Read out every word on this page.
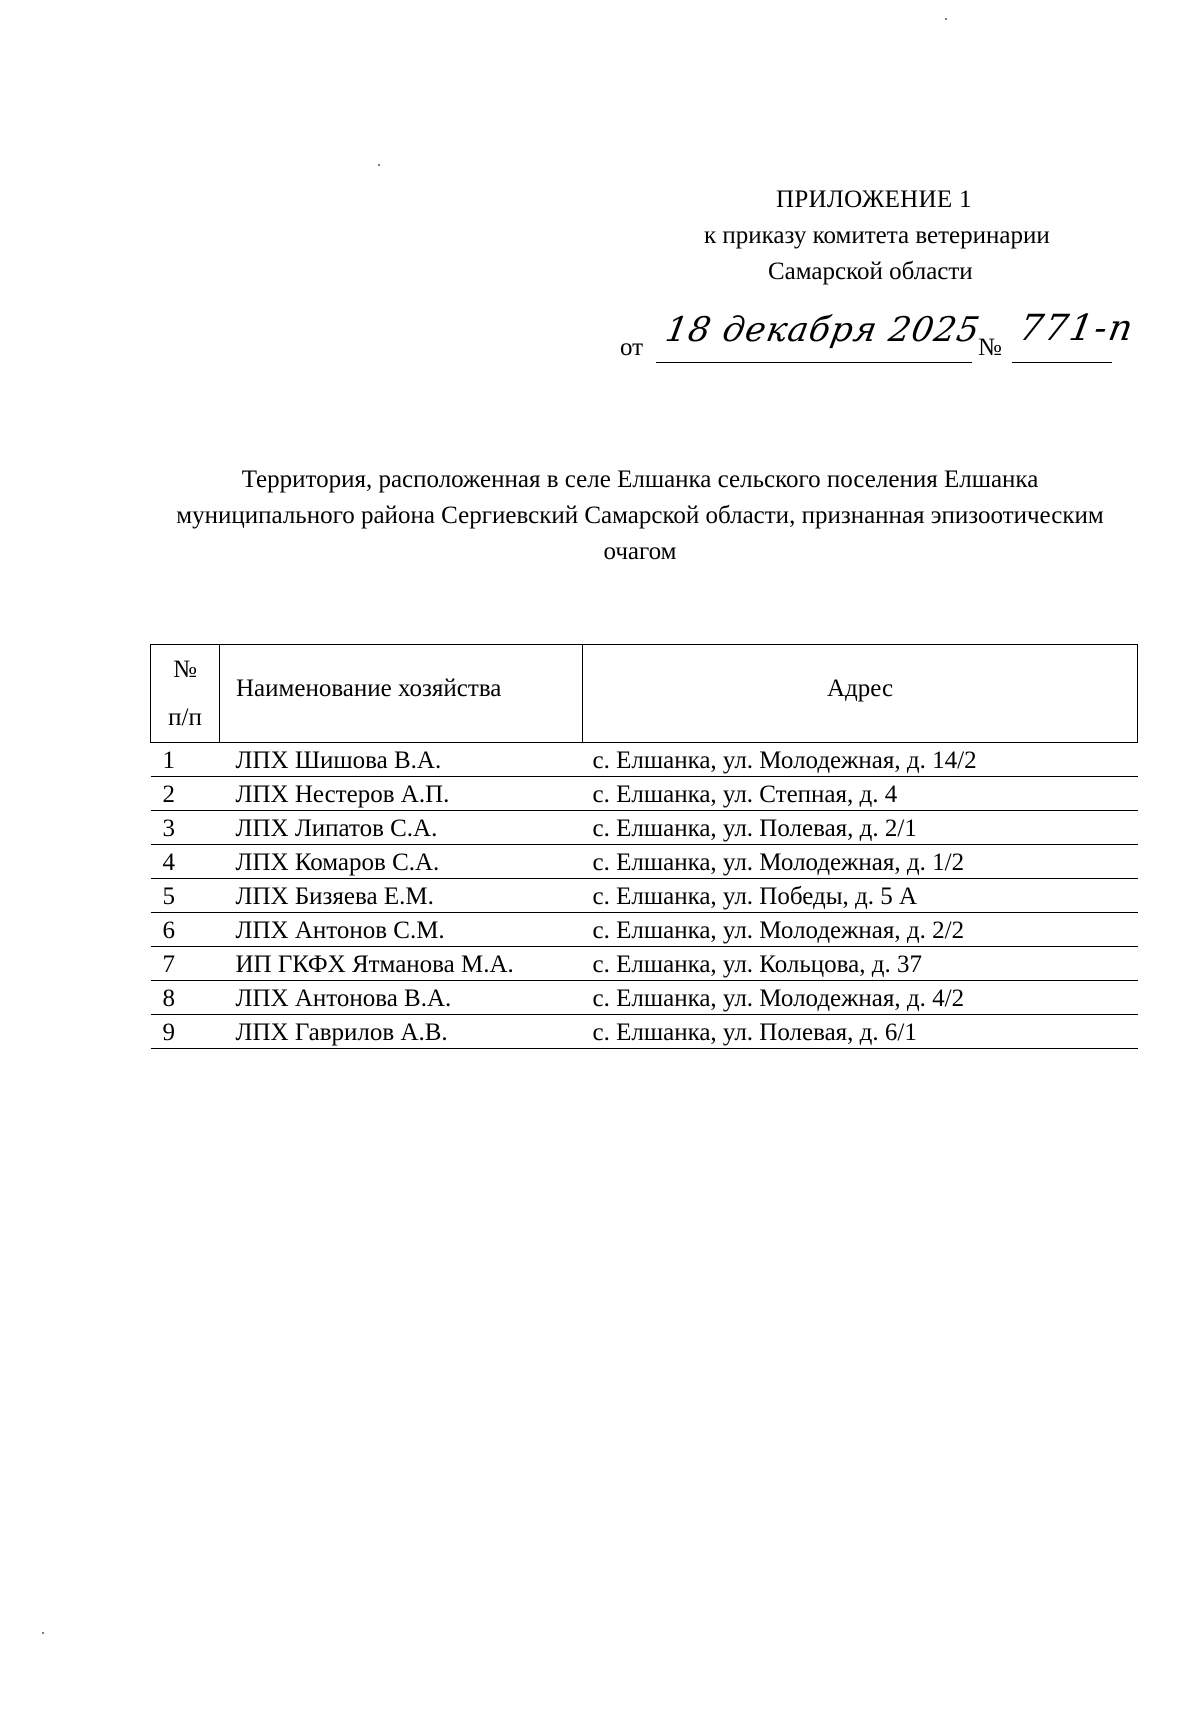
ПРИЛОЖЕНИЕ 1
к приказу комитета ветеринарии
Самарской области
от 18 декабря 2025
№ 771-п
Территория, расположенная в селе Елшанка сельского поселения Елшанка муниципального района Сергиевский Самарской области, признанная эпизоотическим очагом
№
п/п	Наименование хозяйства	Адрес

1	ЛПХ Шишова В.А.	с. Елшанка, ул. Молодежная, д. 14/2
2	ЛПХ Нестеров А.П.	с. Елшанка, ул. Степная, д. 4
3	ЛПХ Липатов С.А.	с. Елшанка, ул. Полевая, д. 2/1
4	ЛПХ Комаров С.А.	с. Елшанка, ул. Молодежная, д. 1/2
5	ЛПХ Бизяева Е.М.	с. Елшанка, ул. Победы, д. 5 А
6	ЛПХ Антонов С.М.	с. Елшанка, ул. Молодежная, д. 2/2
7	ИП ГКФХ Ятманова М.А.	с. Елшанка, ул. Кольцова, д. 37
8	ЛПХ Антонова В.А.	с. Елшанка, ул. Молодежная, д. 4/2
9	ЛПХ Гаврилов А.В.	с. Елшанка, ул. Полевая, д. 6/1
